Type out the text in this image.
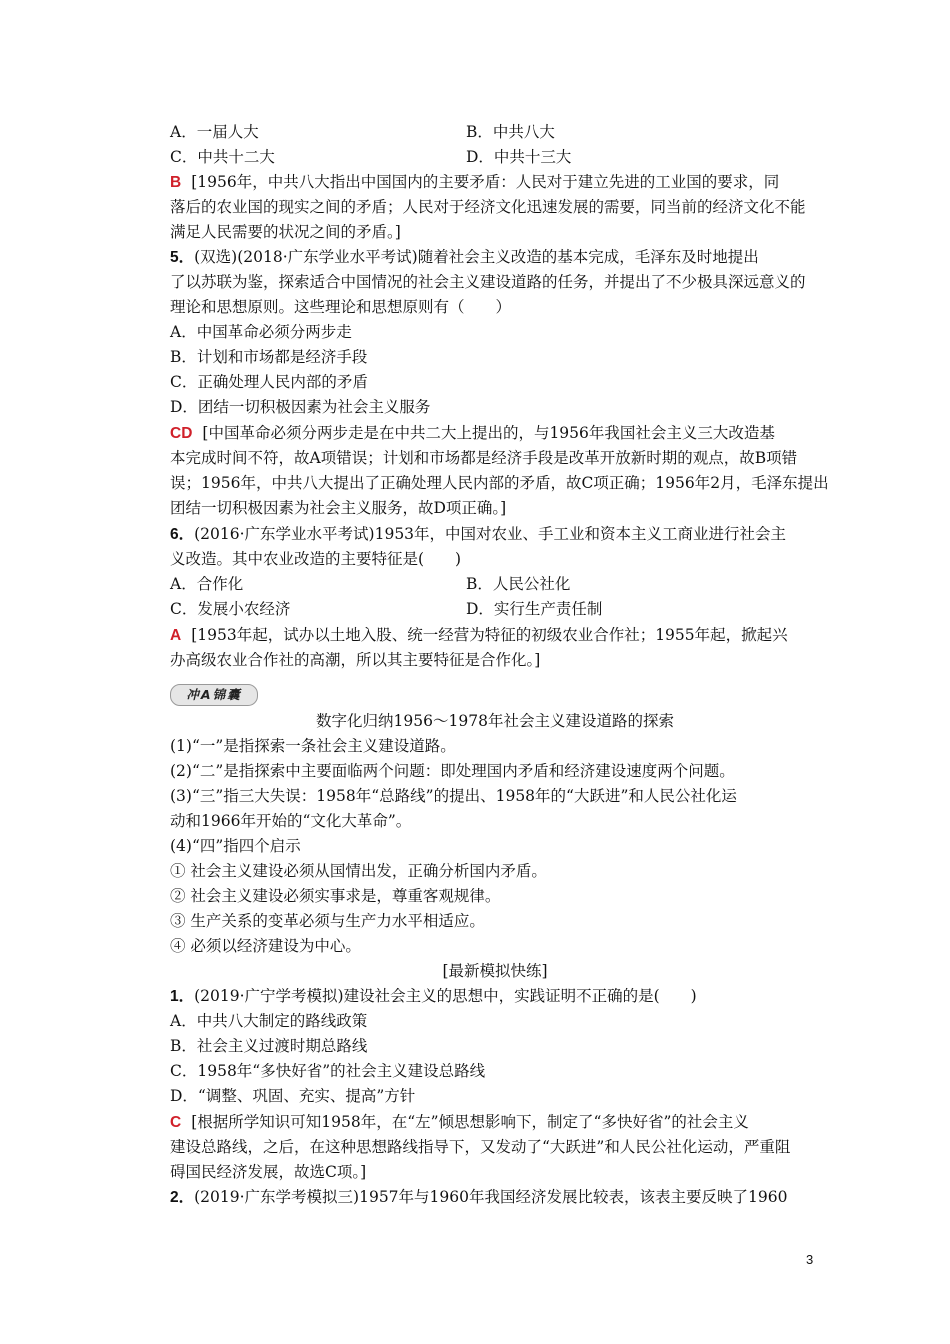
A．一届人大	B．中共八大
C．中共十二大	D．中共十三大
B [1956年，中共八大指出中国国内的主要矛盾：人民对于建立先进的工业国的要求，同
落后的农业国的现实之间的矛盾；人民对于经济文化迅速发展的需要，同当前的经济文化不能
满足人民需要的状况之间的矛盾。]
5．(双选)(2018·广东学业水平考试)随着社会主义改造的基本完成，毛泽东及时地提出
了以苏联为鉴，探索适合中国情况的社会主义建设道路的任务，并提出了不少极具深远意义的
理论和思想原则。这些理论和思想原则有（　　）
A．中国革命必须分两步走
B．计划和市场都是经济手段
C．正确处理人民内部的矛盾
D．团结一切积极因素为社会主义服务
CD [中国革命必须分两步走是在中共二大上提出的，与1956年我国社会主义三大改造基
本完成时间不符，故A项错误；计划和市场都是经济手段是改革开放新时期的观点，故B项错
误；1956年，中共八大提出了正确处理人民内部的矛盾，故C项正确；1956年2月，毛泽东提出
团结一切积极因素为社会主义服务，故D项正确。]
6．(2016·广东学业水平考试)1953年，中国对农业、手工业和资本主义工商业进行社会主
义改造。其中农业改造的主要特征是(　　)
A．合作化	B．人民公社化
C．发展小农经济	D．实行生产责任制
A [1953年起，试办以土地入股、统一经营为特征的初级农业合作社；1955年起，掀起兴
办高级农业合作社的高潮，所以其主要特征是合作化。]
冲A锦囊
数字化归纳1956～1978年社会主义建设道路的探索
(1)“一”是指探索一条社会主义建设道路。
(2)“二”是指探索中主要面临两个问题：即处理国内矛盾和经济建设速度两个问题。
(3)“三”指三大失误：1958年“总路线”的提出、1958年的“大跃进”和人民公社化运
动和1966年开始的“文化大革命”。
(4)“四”指四个启示
① 社会主义建设必须从国情出发，正确分析国内矛盾。
② 社会主义建设必须实事求是，尊重客观规律。
③ 生产关系的变革必须与生产力水平相适应。
④ 必须以经济建设为中心。
[最新模拟快练]
1．(2019·广宁学考模拟)建设社会主义的思想中，实践证明不正确的是(　　)
A．中共八大制定的路线政策
B．社会主义过渡时期总路线
C．1958年“多快好省”的社会主义建设总路线
D．“调整、巩固、充实、提高”方针
C [根据所学知识可知1958年，在“左”倾思想影响下，制定了“多快好省”的社会主义
建设总路线，之后，在这种思想路线指导下，又发动了“大跃进”和人民公社化运动，严重阻
碍国民经济发展，故选C项。]
2．(2019·广东学考模拟三)1957年与1960年我国经济发展比较表，该表主要反映了1960
3
